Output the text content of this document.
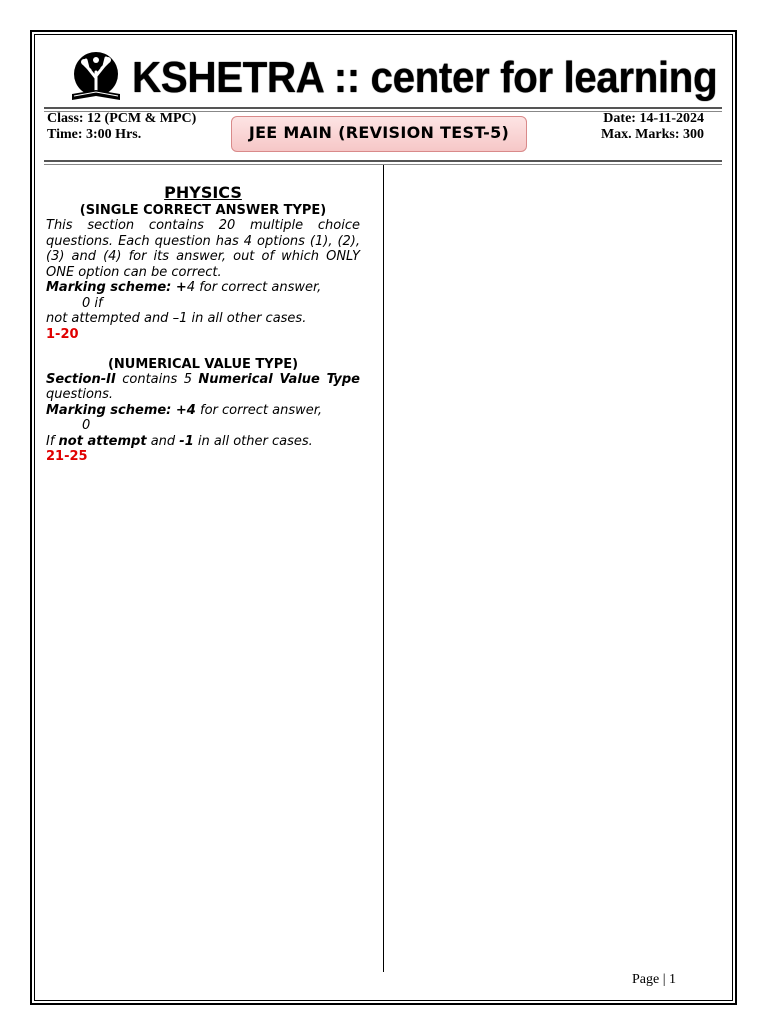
KSHETRA :: center for learning
Class: 12 (PCM & MPC)
Time: 3:00 Hrs.
Date: 14-11-2024
Max. Marks: 300
JEE MAIN (REVISION TEST-5)
PHYSICS
(SINGLE CORRECT ANSWER TYPE)
This section contains 20 multiple choice questions. Each question has 4 options (1), (2), (3) and (4) for its answer, out of which ONLY ONE option can be correct.
Marking scheme: +4 for correct answer,
0 if
not attempted and –1 in all other cases.
1-20
(NUMERICAL VALUE TYPE)
Section-II contains 5 Numerical Value Type questions.
Marking scheme: +4 for correct answer,
0
If not attempt and -1 in all other cases.
21-25
Page | 1
